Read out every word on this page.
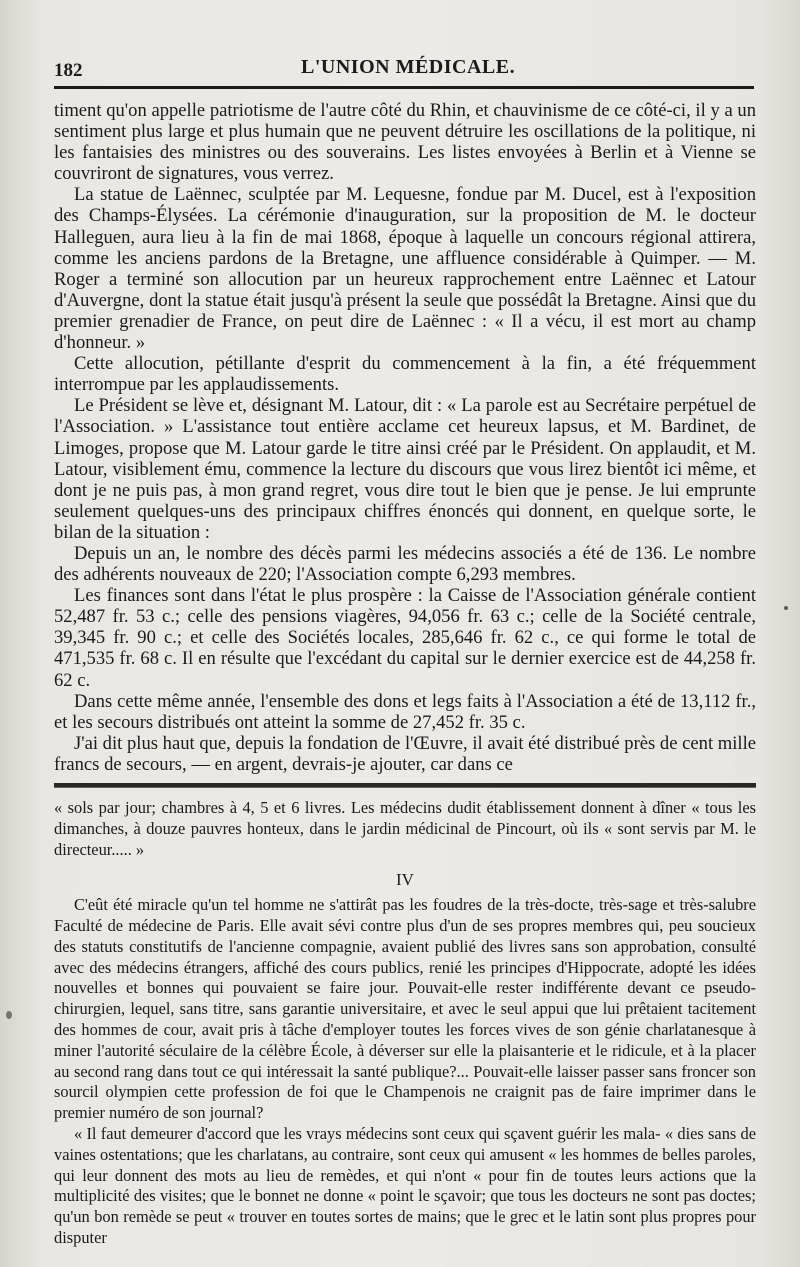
182	L'UNION MÉDICALE.

timent qu'on appelle patriotisme de l'autre côté du Rhin, et chauvinisme de ce côté-ci, il y a un sentiment plus large et plus humain que ne peuvent détruire les oscillations de la politique, ni les fantaisies des ministres ou des souverains. Les listes envoyées à Berlin et à Vienne se couvriront de signatures, vous verrez.

La statue de Laënnec, sculptée par M. Lequesne, fondue par M. Ducel, est à l'exposition des Champs-Élysées. La cérémonie d'inauguration, sur la proposition de M. le docteur Halleguen, aura lieu à la fin de mai 1868, époque à laquelle un concours régional attirera, comme les anciens pardons de la Bretagne, une affluence considérable à Quimper. — M. Roger a terminé son allocution par un heureux rapprochement entre Laënnec et Latour d'Auvergne, dont la statue était jusqu'à présent la seule que possédât la Bretagne. Ainsi que du premier grenadier de France, on peut dire de Laënnec : « Il a vécu, il est mort au champ d'honneur. »

Cette allocution, pétillante d'esprit du commencement à la fin, a été fréquemment interrompue par les applaudissements.

Le Président se lève et, désignant M. Latour, dit : « La parole est au Secrétaire perpétuel de l'Association. » L'assistance tout entière acclame cet heureux lapsus, et M. Bardinet, de Limoges, propose que M. Latour garde le titre ainsi créé par le Président. On applaudit, et M. Latour, visiblement ému, commence la lecture du discours que vous lirez bientôt ici même, et dont je ne puis pas, à mon grand regret, vous dire tout le bien que je pense. Je lui emprunte seulement quelques-uns des principaux chiffres énoncés qui donnent, en quelque sorte, le bilan de la situation :

Depuis un an, le nombre des décès parmi les médecins associés a été de 136. Le nombre des adhérents nouveaux de 220; l'Association compte 6,293 membres.

Les finances sont dans l'état le plus prospère : la Caisse de l'Association générale contient 52,487 fr. 53 c.; celle des pensions viagères, 94,056 fr. 63 c.; celle de la Société centrale, 39,345 fr. 90 c.; et celle des Sociétés locales, 285,646 fr. 62 c., ce qui forme le total de 471,535 fr. 68 c. Il en résulte que l'excédant du capital sur le dernier exercice est de 44,258 fr. 62 c.

Dans cette même année, l'ensemble des dons et legs faits à l'Association a été de 13,112 fr., et les secours distribués ont atteint la somme de 27,452 fr. 35 c.

J'ai dit plus haut que, depuis la fondation de l'Œuvre, il avait été distribué près de cent mille francs de secours, — en argent, devrais-je ajouter, car dans ce

« sols par jour; chambres à 4, 5 et 6 livres. Les médecins dudit établissement donnent à dîner « tous les dimanches, à douze pauvres honteux, dans le jardin médicinal de Pincourt, où ils « sont servis par M. le directeur..... »

IV

C'eût été miracle qu'un tel homme ne s'attirât pas les foudres de la très-docte, très-sage et très-salubre Faculté de médecine de Paris. Elle avait sévi contre plus d'un de ses propres membres qui, peu soucieux des statuts constitutifs de l'ancienne compagnie, avaient publié des livres sans son approbation, consulté avec des médecins étrangers, affiché des cours publics, renié les principes d'Hippocrate, adopté les idées nouvelles et bonnes qui pouvaient se faire jour. Pouvait-elle rester indifférente devant ce pseudo-chirurgien, lequel, sans titre, sans garantie universitaire, et avec le seul appui que lui prêtaient tacitement des hommes de cour, avait pris à tâche d'employer toutes les forces vives de son génie charlatanesque à miner l'autorité séculaire de la célèbre École, à déverser sur elle la plaisanterie et le ridicule, et à la placer au second rang dans tout ce qui intéressait la santé publique?... Pouvait-elle laisser passer sans froncer son sourcil olympien cette profession de foi que le Champenois ne craignit pas de faire imprimer dans le premier numéro de son journal?

« Il faut demeurer d'accord que les vrays médecins sont ceux qui sçavent guérir les mala- « dies sans de vaines ostentations; que les charlatans, au contraire, sont ceux qui amusent « les hommes de belles paroles, qui leur donnent des mots au lieu de remèdes, et qui n'ont « pour fin de toutes leurs actions que la multiplicité des visites; que le bonnet ne donne « point le sçavoir; que tous les docteurs ne sont pas doctes; qu'un bon remède se peut « trouver en toutes sortes de mains; que le grec et le latin sont plus propres pour disputer
